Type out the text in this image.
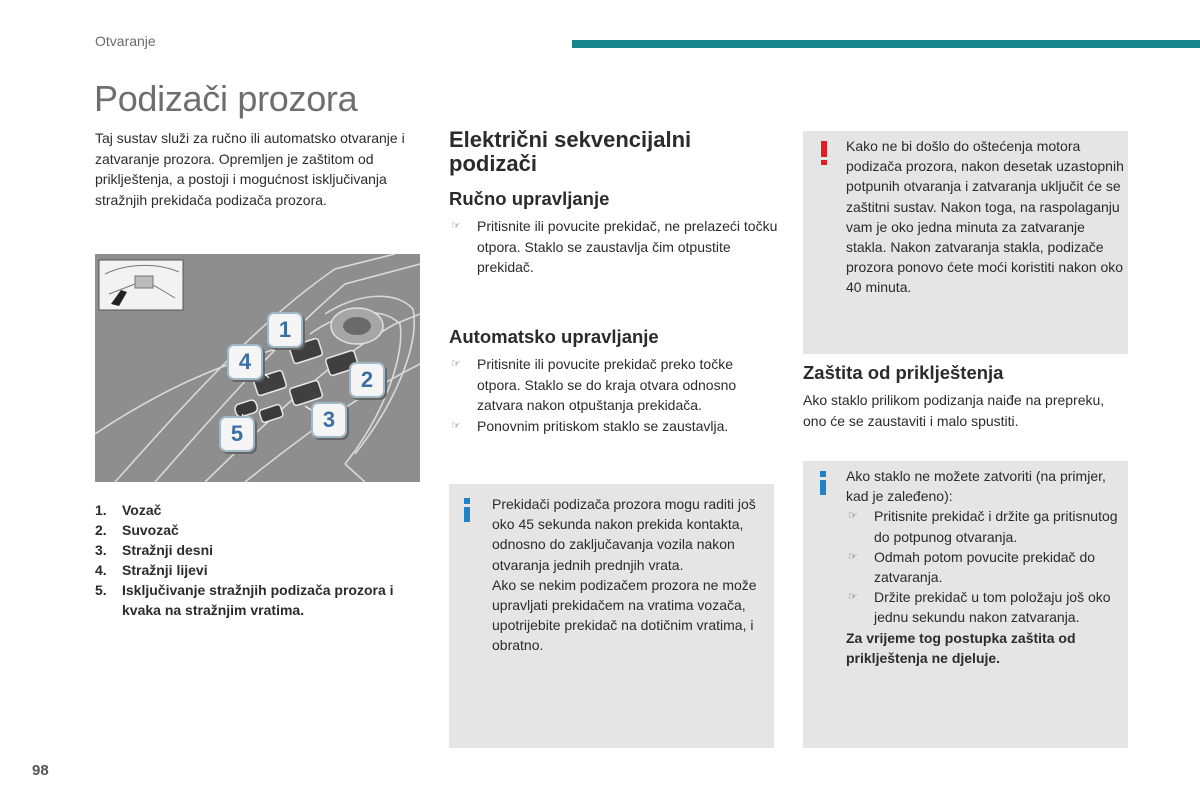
Otvaranje
Podizači prozora
Taj sustav služi za ručno ili automatsko otvaranje i zatvaranje prozora. Opremljen je zaštitom od priklještenja, a postoji i mogućnost isključivanja stražnjih prekidača podizača prozora.
1
2
3
4
5
1.	Vozač
2.	Suvozač
3.	Stražnji desni
4.	Stražnji lijevi
5.	Isključivanje stražnjih podizača prozora i kvaka na stražnjim vratima.
Električni sekvencijalni podizači
Ručno upravljanje
☞ Pritisnite ili povucite prekidač, ne prelazeći točku otpora. Staklo se zaustavlja čim otpustite prekidač.
Automatsko upravljanje
☞ Pritisnite ili povucite prekidač preko točke otpora. Staklo se do kraja otvara odnosno zatvara nakon otpuštanja prekidača.
☞ Ponovnim pritiskom staklo se zaustavlja.
Prekidači podizača prozora mogu raditi još oko 45 sekunda nakon prekida kontakta, odnosno do zaključavanja vozila nakon otvaranja jednih prednjih vrata.
Ako se nekim podizačem prozora ne može upravljati prekidačem na vratima vozača, upotrijebite prekidač na dotičnim vratima, i obratno.
Kako ne bi došlo do oštećenja motora podizača prozora, nakon desetak uzastopnih potpunih otvaranja i zatvaranja uključit će se zaštitni sustav. Nakon toga, na raspolaganju vam je oko jedna minuta za zatvaranje stakla. Nakon zatvaranja stakla, podizače prozora ponovo ćete moći koristiti nakon oko 40 minuta.
Zaštita od priklještenja
Ako staklo prilikom podizanja naiđe na prepreku, ono će se zaustaviti i malo spustiti.
Ako staklo ne možete zatvoriti (na primjer, kad je zaleđeno):
☞ Pritisnite prekidač i držite ga pritisnutog do potpunog otvaranja.
☞ Odmah potom povucite prekidač do zatvaranja.
☞ Držite prekidač u tom položaju još oko jednu sekundu nakon zatvaranja.
Za vrijeme tog postupka zaštita od priklještenja ne djeluje.
98
